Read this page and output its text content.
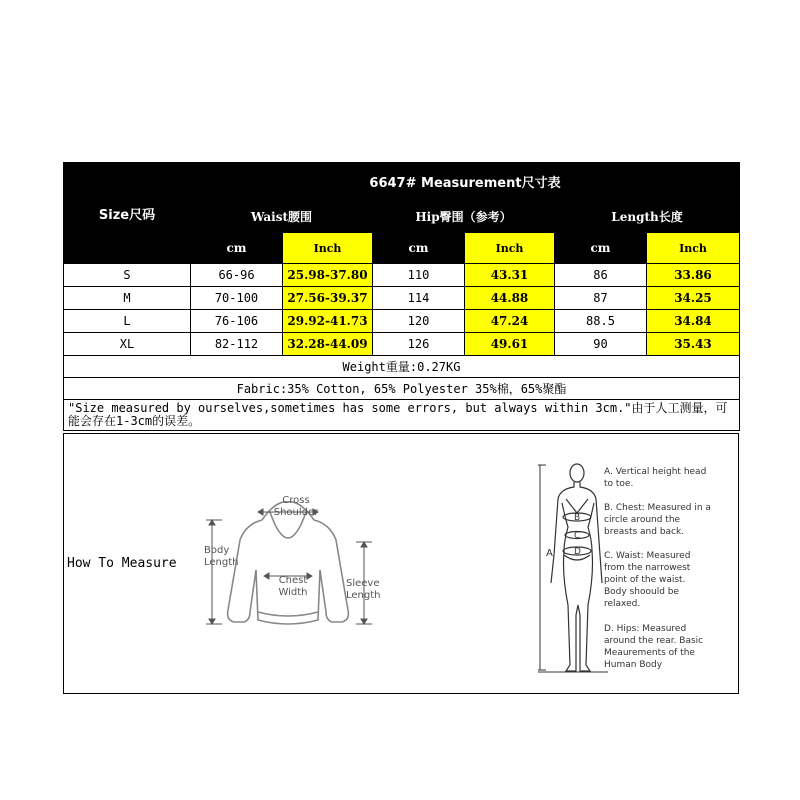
Size尺码	6647# Measurement尺寸表					
	Waist腰围		Hip臀围（参考）		Length长度	
	cm	Inch	cm	Inch	cm	Inch
S	66-96	25.98-37.80	110	43.31	86	33.86
M	70-100	27.56-39.37	114	44.88	87	34.25
L	76-106	29.92-41.73	120	47.24	88.5	34.84
XL	82-112	32.28-44.09	126	49.61	90	35.43
Weight重量:0.27KG						
Fabric:35% Cotton, 65% Polyester 35%棉，65%聚酯						
"Size measured by ourselves,sometimes has some errors, but always within 3cm."由于人工测量，可能会存在1-3cm的误差。						
How To Measure
Cross Shoulder
Body Length
Chest Width
Sleeve Length
A
B
C
D
A. Vertical height head to toe.
B. Chest: Measured in a circle around the breasts and back.
C. Waist: Measured from the narrowest point of the waist. Body shoould be relaxed.
D. Hips: Measured around the rear. Basic Meaurements of the Human Body
